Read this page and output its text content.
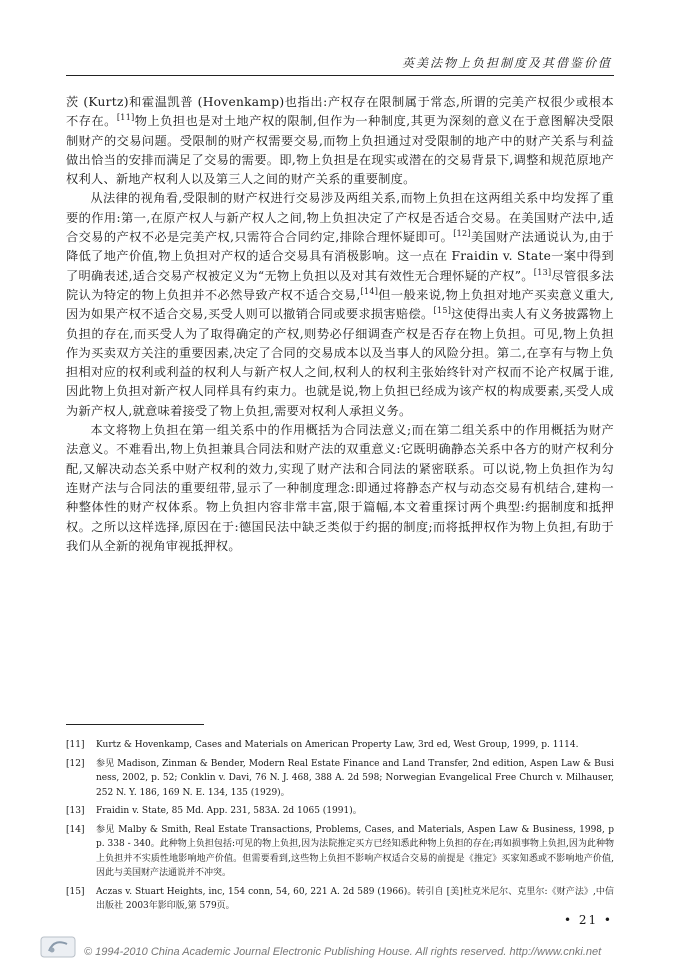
英美法物上负担制度及其借鉴价值

茨 (Kurtz)和霍温凯普 (Hovenkamp)也指出:产权存在限制属于常态,所谓的完美产权很少或根本不存在。[11]物上负担也是对土地产权的限制,但作为一种制度,其更为深刻的意义在于意图解决受限制财产的交易问题。受限制的财产权需要交易,而物上负担通过对受限制的地产中的财产关系与利益做出恰当的安排而满足了交易的需要。即,物上负担是在现实或潜在的交易背景下,调整和规范原地产权利人、新地产权利人以及第三人之间的财产关系的重要制度。

从法律的视角看,受限制的财产权进行交易涉及两组关系,而物上负担在这两组关系中均发挥了重要的作用:第一,在原产权人与新产权人之间,物上负担决定了产权是否适合交易。在美国财产法中,适合交易的产权不必是完美产权,只需符合合同约定,排除合理怀疑即可。[12]美国财产法通说认为,由于降低了地产价值,物上负担对产权的适合交易具有消极影响。这一点在 Fraidin v. State一案中得到了明确表述,适合交易产权被定义为“无物上负担以及对其有效性无合理怀疑的产权”。[13]尽管很多法院认为特定的物上负担并不必然导致产权不适合交易,[14]但一般来说,物上负担对地产买卖意义重大,因为如果产权不适合交易,买受人则可以撤销合同或要求损害赔偿。[15]这使得出卖人有义务披露物上负担的存在,而买受人为了取得确定的产权,则势必仔细调查产权是否存在物上负担。可见,物上负担作为买卖双方关注的重要因素,决定了合同的交易成本以及当事人的风险分担。第二,在享有与物上负担相对应的权利或利益的权利人与新产权人之间,权利人的权利主张始终针对产权而不论产权属于谁,因此物上负担对新产权人同样具有约束力。也就是说,物上负担已经成为该产权的构成要素,买受人成为新产权人,就意味着接受了物上负担,需要对权利人承担义务。

本文将物上负担在第一组关系中的作用概括为合同法意义;而在第二组关系中的作用概括为财产法意义。不难看出,物上负担兼具合同法和财产法的双重意义:它既明确静态关系中各方的财产权利分配,又解决动态关系中财产权利的效力,实现了财产法和合同法的紧密联系。可以说,物上负担作为勾连财产法与合同法的重要纽带,显示了一种制度理念:即通过将静态产权与动态交易有机结合,建构一种整体性的财产权体系。物上负担内容非常丰富,限于篇幅,本文着重探讨两个典型:约据制度和抵押权。之所以这样选择,原因在于:德国民法中缺乏类似于约据的制度;而将抵押权作为物上负担,有助于我们从全新的视角审视抵押权。

[11]	Kurtz & Hovenkamp, Cases and Materials on American Property Law, 3rd ed, West Group, 1999, p. 1114.
[12]	参见 Madison, Zinman & Bender, Modern Real Estate Finance and Land Transfer, 2nd edition, Aspen Law & Business, 2002, p. 52; Conklin v. Davi, 76 N. J. 468, 388 A. 2d 598; Norwegian Evangelical Free Church v. Milhauser, 252 N. Y. 186, 169 N. E. 134, 135 (1929)。
[13]	Fraidin v. State, 85 Md. App. 231, 583A. 2d 1065 (1991)。
[14]	参见 Malby & Smith, Real Estate Transactions, Problems, Cases, and Materials, Aspen Law & Business, 1998, pp. 338 - 340。此种物上负担包括:可见的物上负担,因为法院推定买方已经知悉此种物上负担的存在;再如损事物上负担,因为此种物上负担并不实质性地影响地产价值。但需要看到,这些物上负担不影响产权适合交易的前提是《推定》买家知悉或不影响地产价值,因此与美国财产法通说并不冲突。
[15]	Aczas v. Stuart Heights, inc, 154 conn, 54, 60, 221 A. 2d 589 (1966)。转引自 [美]杜克米尼尔、克里尔:《财产法》,中信出版社 2003年影印版,第 579页。
• 21 •
© 1994-2010 China Academic Journal Electronic Publishing House. All rights reserved. http://www.cnki.net
